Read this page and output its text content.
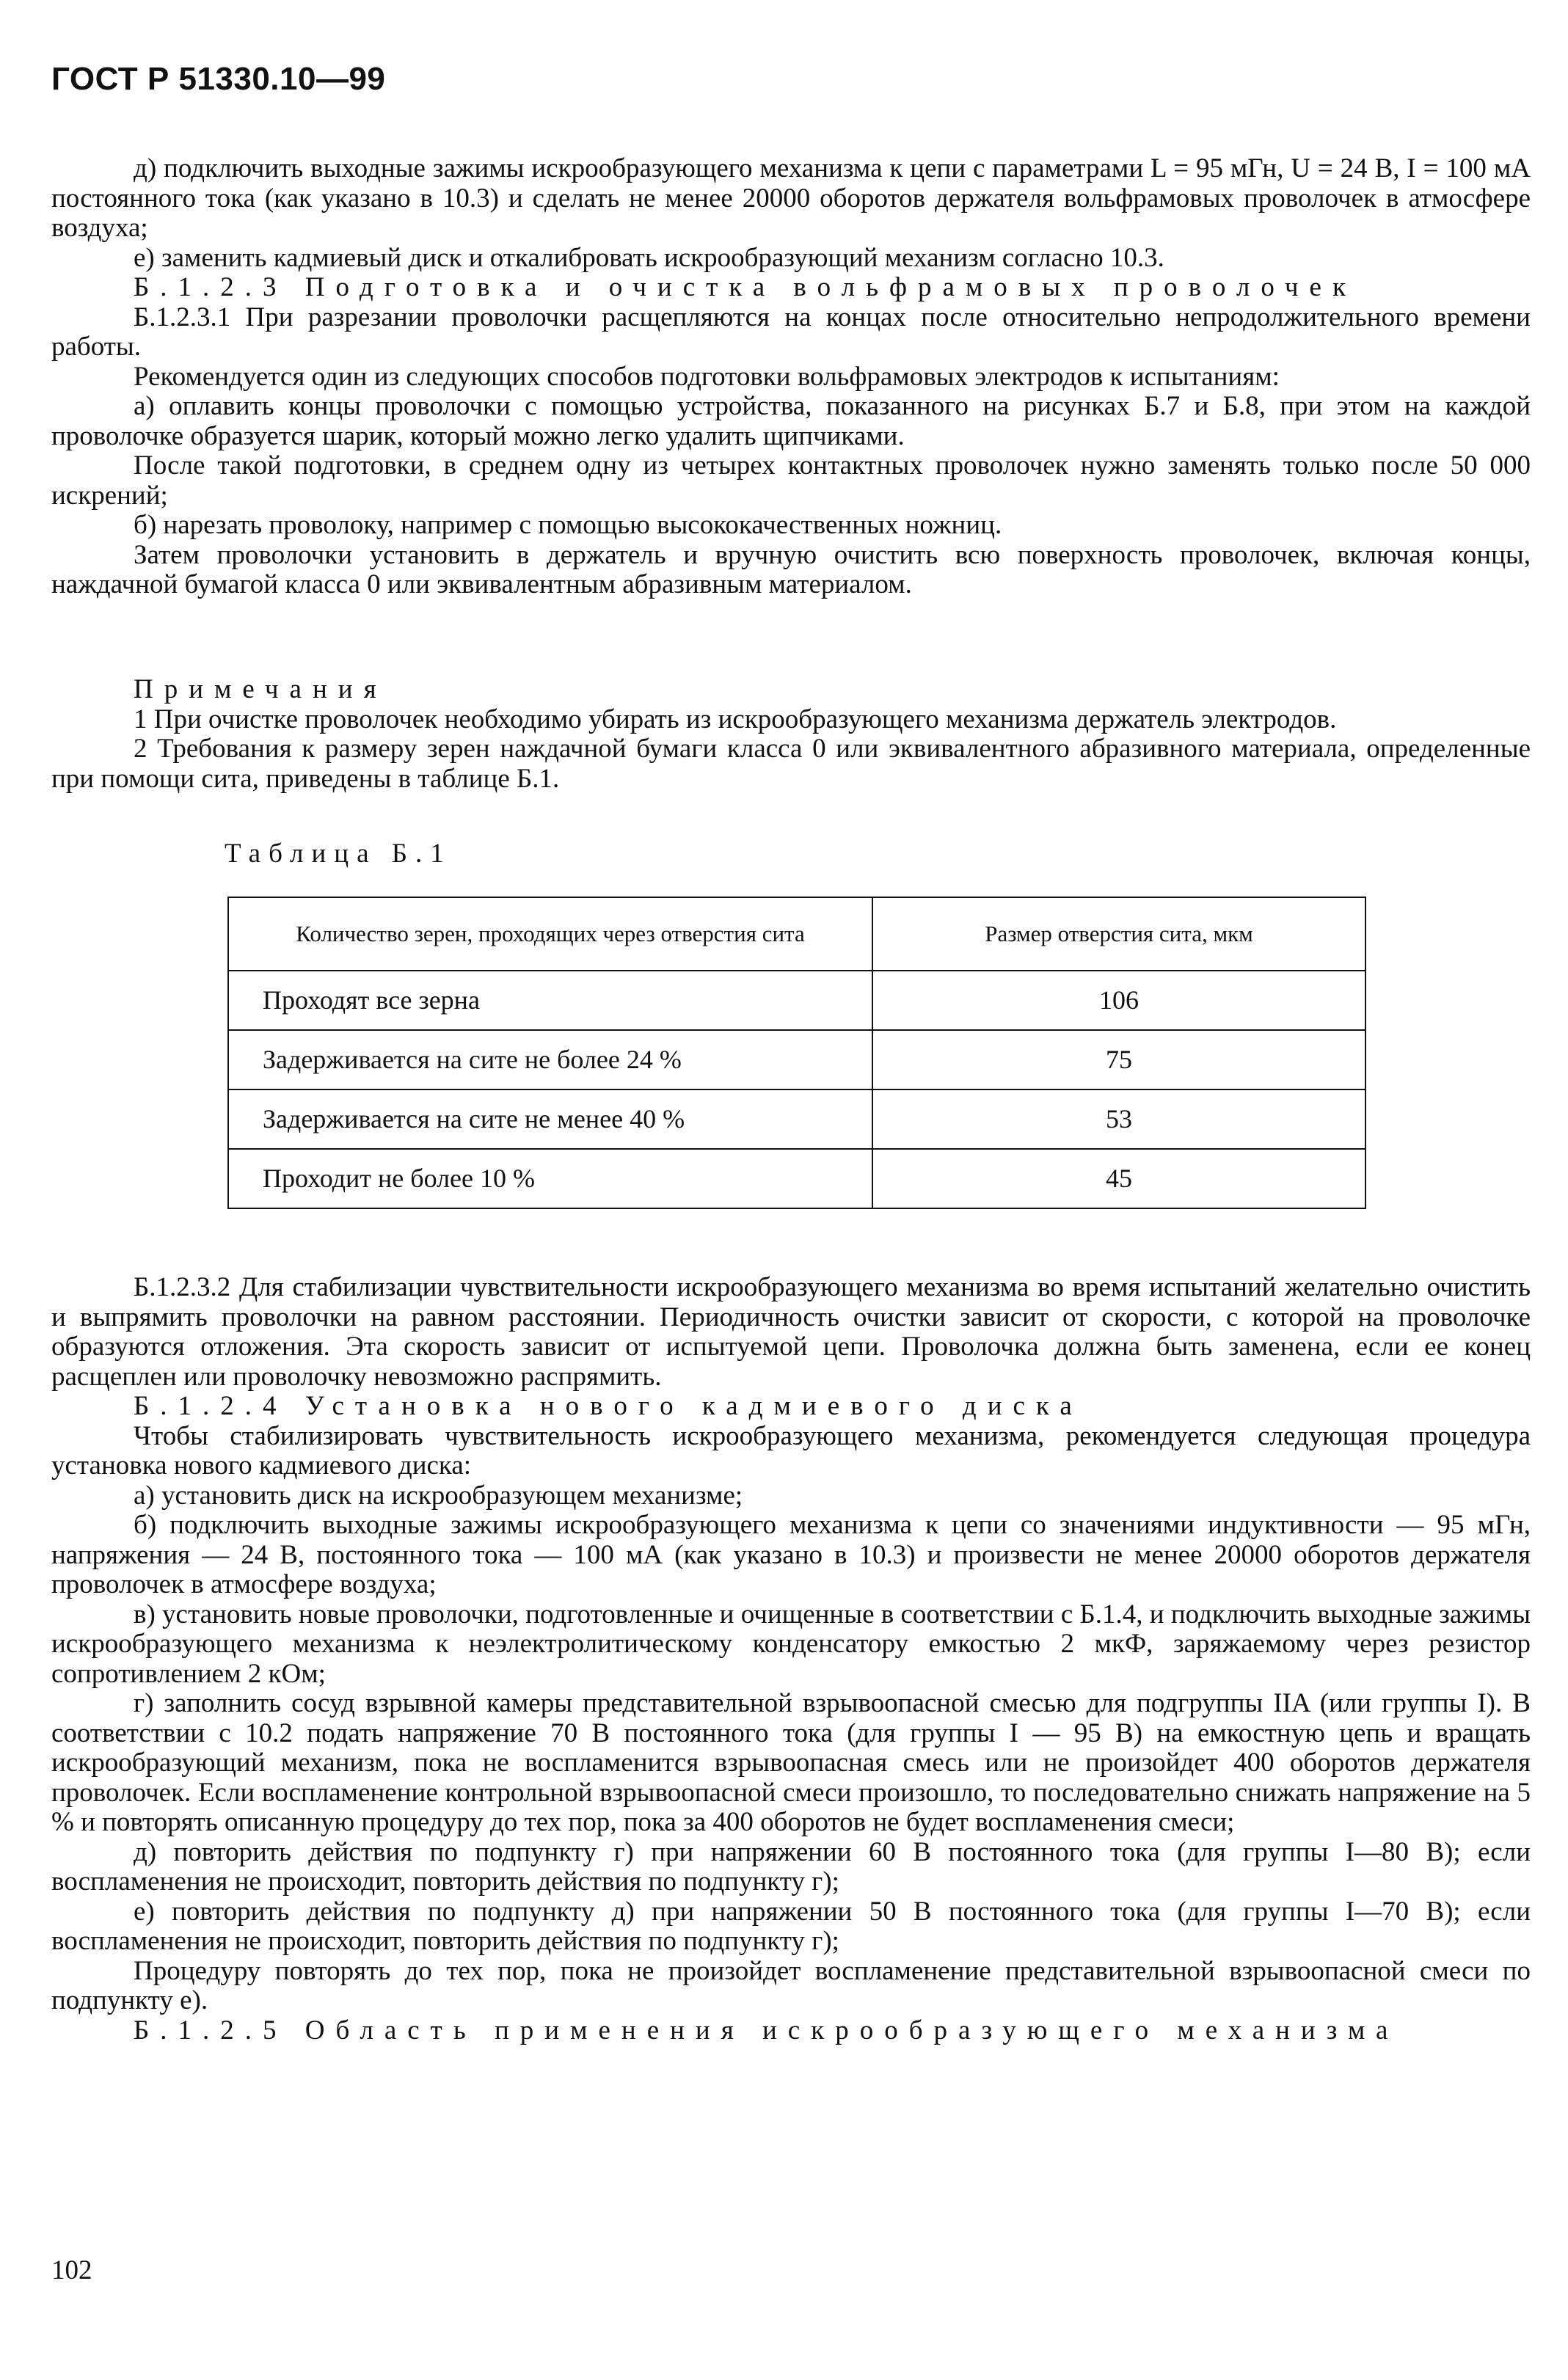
ГОСТ Р 51330.10—99

д) подключить выходные зажимы искрообразующего механизма к цепи с параметрами L = 95 мГн, U = 24 В, I = 100 мА постоянного тока (как указано в 10.3) и сделать не менее 20000 оборотов держателя вольфрамовых проволочек в атмосфере воздуха;

е) заменить кадмиевый диск и откалибровать искрообразующий механизм согласно 10.3.

Б.1.2.3 Подготовка и очистка вольфрамовых проволочек

Б.1.2.3.1 При разрезании проволочки расщепляются на концах после относительно непродолжительного времени работы.

Рекомендуется один из следующих способов подготовки вольфрамовых электродов к испытаниям:

а) оплавить концы проволочки с помощью устройства, показанного на рисунках Б.7 и Б.8, при этом на каждой проволочке образуется шарик, который можно легко удалить щипчиками.

После такой подготовки, в среднем одну из четырех контактных проволочек нужно заменять только после 50 000 искрений;

б) нарезать проволоку, например с помощью высококачественных ножниц.

Затем проволочки установить в держатель и вручную очистить всю поверхность проволочек, включая концы, наждачной бумагой класса 0 или эквивалентным абразивным материалом.

Примечания

1 При очистке проволочек необходимо убирать из искрообразующего механизма держатель электродов.

2 Требования к размеру зерен наждачной бумаги класса 0 или эквивалентного абразивного материала, определенные при помощи сита, приведены в таблице Б.1.

Таблица Б.1
Количество зерен, проходящих через отверстия сита	Размер отверстия сита, мкм
Проходят все зерна	106
Задерживается на сите не более 24 %	75
Задерживается на сите не менее 40 %	53
Проходит не более 10 %	45

Б.1.2.3.2 Для стабилизации чувствительности искрообразующего механизма во время испытаний желательно очистить и выпрямить проволочки на равном расстоянии. Периодичность очистки зависит от скорости, с которой на проволочке образуются отложения. Эта скорость зависит от испытуемой цепи. Проволочка должна быть заменена, если ее конец расщеплен или проволочку невозможно распрямить.

Б.1.2.4 Установка нового кадмиевого диска

Чтобы стабилизировать чувствительность искрообразующего механизма, рекомендуется следующая процедура установка нового кадмиевого диска:

а) установить диск на искрообразующем механизме;

б) подключить выходные зажимы искрообразующего механизма к цепи со значениями индуктивности — 95 мГн, напряжения — 24 В, постоянного тока — 100 мА (как указано в 10.3) и произвести не менее 20000 оборотов держателя проволочек в атмосфере воздуха;

в) установить новые проволочки, подготовленные и очищенные в соответствии с Б.1.4, и подключить выходные зажимы искрообразующего механизма к неэлектролитическому конденсатору емкостью 2 мкФ, заряжаемому через резистор сопротивлением 2 кОм;

г) заполнить сосуд взрывной камеры представительной взрывоопасной смесью для подгруппы IIA (или группы I). В соответствии с 10.2 подать напряжение 70 В постоянного тока (для группы I — 95 В) на емкостную цепь и вращать искрообразующий механизм, пока не воспламенится взрывоопасная смесь или не произойдет 400 оборотов держателя проволочек. Если воспламенение контрольной взрывоопасной смеси произошло, то последовательно снижать напряжение на 5 % и повторять описанную процедуру до тех пор, пока за 400 оборотов не будет воспламенения смеси;

д) повторить действия по подпункту г) при напряжении 60 В постоянного тока (для группы I—80 В); если воспламенения не происходит, повторить действия по подпункту г);

е) повторить действия по подпункту д) при напряжении 50 В постоянного тока (для группы I—70 В); если воспламенения не происходит, повторить действия по подпункту г);

Процедуру повторять до тех пор, пока не произойдет воспламенение представительной взрывоопасной смеси по подпункту е).

Б.1.2.5 Область применения искрообразующего механизма

102
